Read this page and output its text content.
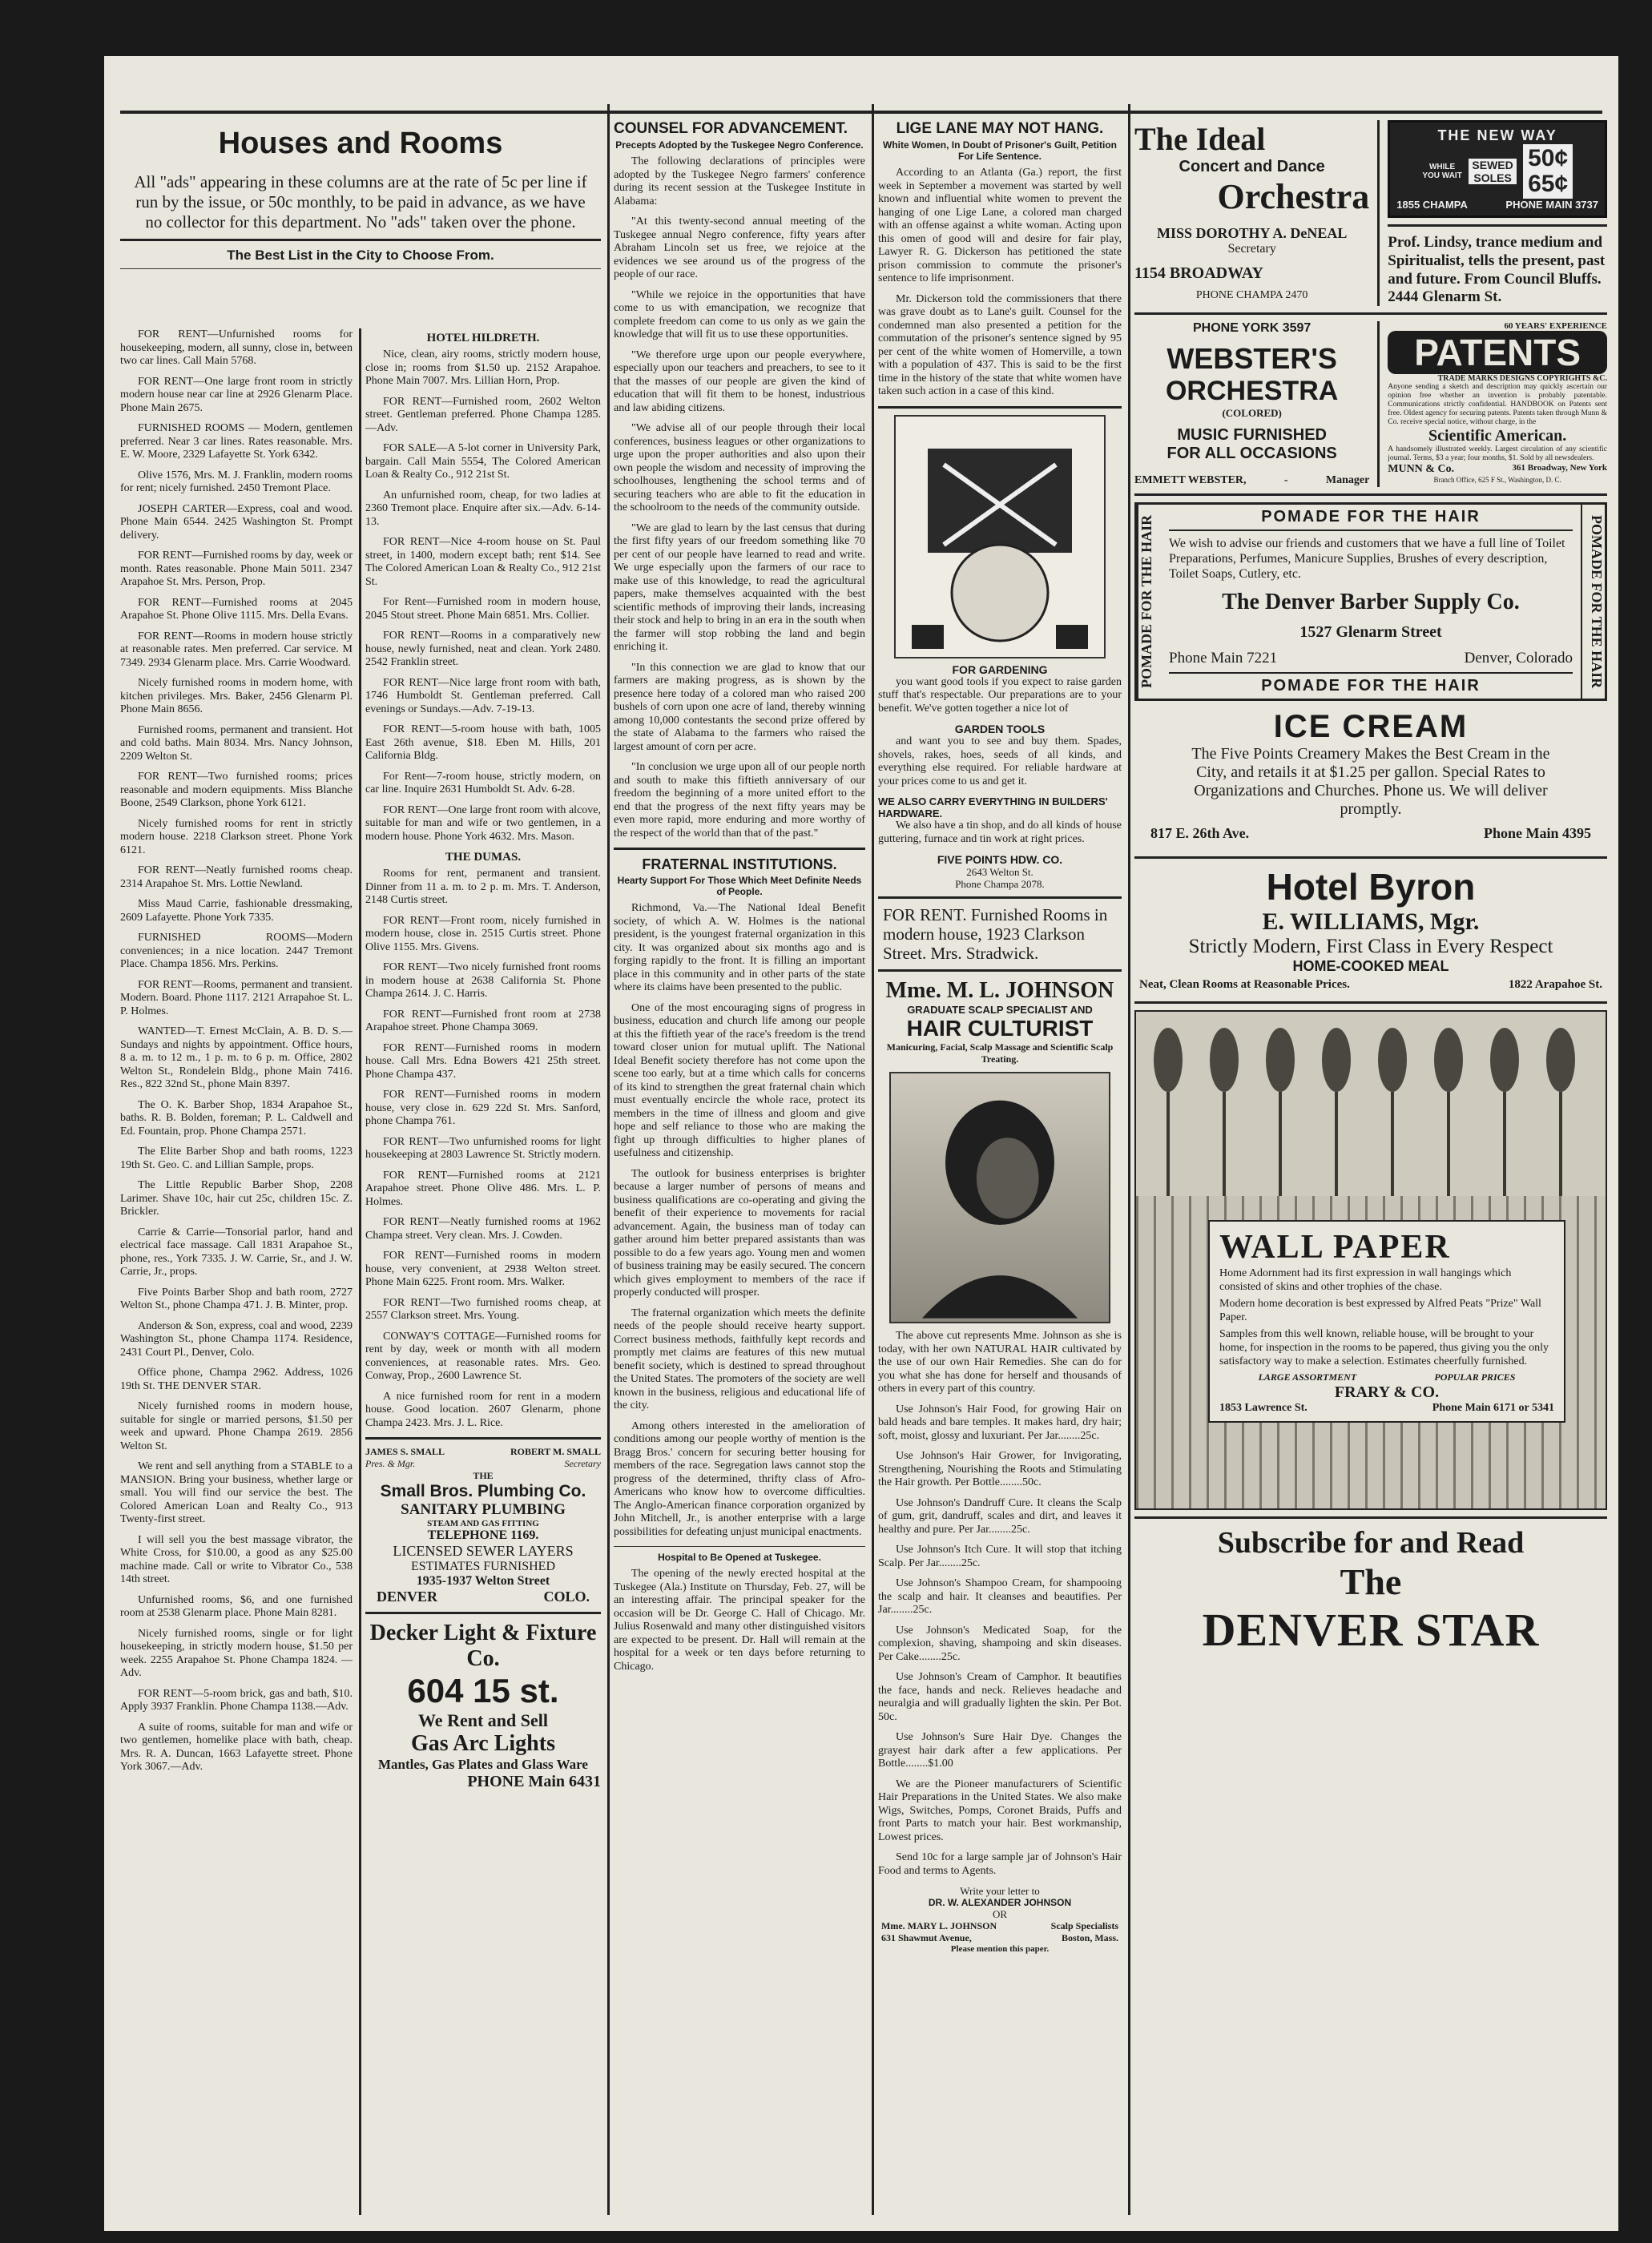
Houses and Rooms
All "ads" appearing in these columns are at the rate of 5c per line if run by the issue, or 50c monthly, to be paid in advance, as we have no collector for this department. No "ads" taken over the phone.
The Best List in the City to Choose From.
FOR RENT—Unfurnished rooms for housekeeping, modern, all sunny, close in, between two car lines. Call Main 5768.
FOR RENT—One large front room in strictly modern house near car line at 2926 Glenarm Place. Phone Main 2675.
FURNISHED ROOMS — Modern, gentlemen preferred. Near 3 car lines. Rates reasonable. Mrs. E. W. Moore, 2329 Lafayette St. York 6342.
Olive 1576, Mrs. M. J. Franklin, modern rooms for rent; nicely furnished. 2450 Tremont Place.
JOSEPH CARTER—Express, coal and wood. Phone Main 6544. 2425 Washington St. Prompt delivery.
FOR RENT—Furnished rooms by day, week or month. Rates reasonable. Phone Main 5011. 2347 Arapahoe St. Mrs. Person, Prop.
FOR RENT—Furnished rooms at 2045 Arapahoe St. Phone Olive 1115. Mrs. Della Evans.
FOR RENT—Rooms in modern house strictly at reasonable rates. Men preferred. Car service. M 7349. 2934 Glenarm place. Mrs. Carrie Woodward.
Nicely furnished rooms in modern home, with kitchen privileges. Mrs. Baker, 2456 Glenarm Pl. Phone Main 8656.
Furnished rooms, permanent and transient. Hot and cold baths. Main 8034. Mrs. Nancy Johnson, 2209 Welton St.
FOR RENT—Two furnished rooms; prices reasonable and modern equipments. Miss Blanche Boone, 2549 Clarkson, phone York 6121.
Nicely furnished rooms for rent in strictly modern house. 2218 Clarkson street. Phone York 6121.
FOR RENT—Neatly furnished rooms cheap. 2314 Arapahoe St. Mrs. Lottie Newland.
Miss Maud Carrie, fashionable dressmaking, 2609 Lafayette. Phone York 7335.
FURNISHED ROOMS—Modern conveniences; in a nice location. 2447 Tremont Place. Champa 1856. Mrs. Perkins.
FOR RENT—Rooms, permanent and transient. Modern. Board. Phone 1117. 2121 Arrapahoe St. L. P. Holmes.
WANTED—T. Ernest McClain, A. B. D. S.—Sundays and nights by appointment. Office hours, 8 a. m. to 12 m., 1 p. m. to 6 p. m. Office, 2802 Welton St., Rondelein Bldg., phone Main 7416. Res., 822 32nd St., phone Main 8397.
The O. K. Barber Shop, 1834 Arapahoe St., baths. R. B. Bolden, foreman; P. L. Caldwell and Ed. Fountain, prop. Phone Champa 2571.
The Elite Barber Shop and bath rooms, 1223 19th St. Geo. C. and Lillian Sample, props.
The Little Republic Barber Shop, 2208 Larimer. Shave 10c, hair cut 25c, children 15c. Z. Brickler.
Carrie & Carrie—Tonsorial parlor, hand and electrical face massage. Call 1831 Arapahoe St., phone, res., York 7335. J. W. Carrie, Sr., and J. W. Carrie, Jr., props.
Five Points Barber Shop and bath room, 2727 Welton St., phone Champa 471. J. B. Minter, prop.
Anderson & Son, express, coal and wood, 2239 Washington St., phone Champa 1174. Residence, 2431 Court Pl., Denver, Colo.
Office phone, Champa 2962. Address, 1026 19th St. THE DENVER STAR.
Nicely furnished rooms in modern house, suitable for single or married persons, $1.50 per week and upward. Phone Champa 2619. 2856 Welton St.
We rent and sell anything from a STABLE to a MANSION. Bring your business, whether large or small. You will find our service the best. The Colored American Loan and Realty Co., 913 Twenty-first street.
I will sell you the best massage vibrator, the White Cross, for $10.00, a good as any $25.00 machine made. Call or write to Vibrator Co., 538 14th street.
Unfurnished rooms, $6, and one furnished room at 2538 Glenarm place. Phone Main 8281.
Nicely furnished rooms, single or for light housekeeping, in strictly modern house, $1.50 per week. 2255 Arapahoe St. Phone Champa 1824. —Adv.
FOR RENT—5-room brick, gas and bath, $10. Apply 3937 Franklin. Phone Champa 1138.—Adv.
A suite of rooms, suitable for man and wife or two gentlemen, homelike place with bath, cheap. Mrs. R. A. Duncan, 1663 Lafayette street. Phone York 3067.—Adv.
HOTEL HILDRETH.
Nice, clean, airy rooms, strictly modern house, close in; rooms from $1.50 up. 2152 Arapahoe. Phone Main 7007. Mrs. Lillian Horn, Prop.
FOR RENT—Furnished room, 2602 Welton street. Gentleman preferred. Phone Champa 1285.—Adv.
FOR SALE—A 5-lot corner in University Park, bargain. Call Main 5554, The Colored American Loan & Realty Co., 912 21st St.
An unfurnished room, cheap, for two ladies at 2360 Tremont place. Enquire after six.—Adv. 6-14-13.
FOR RENT—Nice 4-room house on St. Paul street, in 1400, modern except bath; rent $14. See The Colored American Loan & Realty Co., 912 21st St.
For Rent—Furnished room in modern house, 2045 Stout street. Phone Main 6851. Mrs. Collier.
FOR RENT—Rooms in a comparatively new house, newly furnished, neat and clean. York 2480. 2542 Franklin street.
FOR RENT—Nice large front room with bath, 1746 Humboldt St. Gentleman preferred. Call evenings or Sundays.—Adv. 7-19-13.
FOR RENT—5-room house with bath, 1005 East 26th avenue, $18. Eben M. Hills, 201 California Bldg.
For Rent—7-room house, strictly modern, on car line. Inquire 2631 Humboldt St. Adv. 6-28.
FOR RENT—One large front room with alcove, suitable for man and wife or two gentlemen, in a modern house. Phone York 4632. Mrs. Mason.
THE DUMAS.
Rooms for rent, permanent and transient. Dinner from 11 a. m. to 2 p. m. Mrs. T. Anderson, 2148 Curtis street.
FOR RENT—Front room, nicely furnished in modern house, close in. 2515 Curtis street. Phone Olive 1155. Mrs. Givens.
FOR RENT—Two nicely furnished front rooms in modern house at 2638 California St. Phone Champa 2614. J. C. Harris.
FOR RENT—Furnished front room at 2738 Arapahoe street. Phone Champa 3069.
FOR RENT—Furnished rooms in modern house. Call Mrs. Edna Bowers 421 25th street. Phone Champa 437.
FOR RENT—Furnished rooms in modern house, very close in. 629 22d St. Mrs. Sanford, phone Champa 761.
FOR RENT—Two unfurnished rooms for light housekeeping at 2803 Lawrence St. Strictly modern.
FOR RENT—Furnished rooms at 2121 Arapahoe street. Phone Olive 486. Mrs. L. P. Holmes.
FOR RENT—Neatly furnished rooms at 1962 Champa street. Very clean. Mrs. J. Cowden.
FOR RENT—Furnished rooms in modern house, very convenient, at 2938 Welton street. Phone Main 6225. Front room. Mrs. Walker.
FOR RENT—Two furnished rooms cheap, at 2557 Clarkson street. Mrs. Young.
CONWAY'S COTTAGE—Furnished rooms for rent by day, week or month with all modern conveniences, at reasonable rates. Mrs. Geo. Conway, Prop., 2600 Lawrence St.
A nice furnished room for rent in a modern house. Good location. 2607 Glenarm, phone Champa 2423. Mrs. J. L. Rice.
JAMES S. SMALL	ROBERT M. SMALL
Pres. & Mgr.	Secretary
THE
Small Bros. Plumbing Co.
SANITARY PLUMBING
STEAM AND GAS FITTING
TELEPHONE 1169.
LICENSED SEWER LAYERS
ESTIMATES FURNISHED
1935-1937 Welton Street
DENVER	COLO.
Decker Light & Fixture Co.
604 15 st.
We Rent and Sell
Gas Arc Lights
Mantles, Gas Plates and Glass Ware
PHONE Main 6431
COUNSEL FOR ADVANCEMENT.
Precepts Adopted by the Tuskegee Negro Conference.
The following declarations of principles were adopted by the Tuskegee Negro farmers' conference during its recent session at the Tuskegee Institute in Alabama:
"At this twenty-second annual meeting of the Tuskegee annual Negro conference, fifty years after Abraham Lincoln set us free, we rejoice at the evidences we see around us of the progress of the people of our race.
"While we rejoice in the opportunities that have come to us with emancipation, we recognize that complete freedom can come to us only as we gain the knowledge that will fit us to use these opportunities.
"We therefore urge upon our people everywhere, especially upon our teachers and preachers, to see to it that the masses of our people are given the kind of education that will fit them to be honest, industrious and law abiding citizens.
"We advise all of our people through their local conferences, business leagues or other organizations to urge upon the proper authorities and also upon their own people the wisdom and necessity of improving the schoolhouses, lengthening the school terms and of securing teachers who are able to fit the education in the schoolroom to the needs of the community outside.
"We are glad to learn by the last census that during the first fifty years of our freedom something like 70 per cent of our people have learned to read and write. We urge especially upon the farmers of our race to make use of this knowledge, to read the agricultural papers, make themselves acquainted with the best scientific methods of improving their lands, increasing their stock and help to bring in an era in the south when the farmer will stop robbing the land and begin enriching it.
"In this connection we are glad to know that our farmers are making progress, as is shown by the presence here today of a colored man who raised 200 bushels of corn upon one acre of land, thereby winning among 10,000 contestants the second prize offered by the state of Alabama to the farmers who raised the largest amount of corn per acre.
"In conclusion we urge upon all of our people north and south to make this fiftieth anniversary of our freedom the beginning of a more united effort to the end that the progress of the next fifty years may be even more rapid, more enduring and more worthy of the respect of the world than that of the past."
FRATERNAL INSTITUTIONS.
Hearty Support For Those Which Meet Definite Needs of People.
Richmond, Va.—The National Ideal Benefit society, of which A. W. Holmes is the national president, is the youngest fraternal organization in this city. It was organized about six months ago and is forging rapidly to the front. It is filling an important place in this community and in other parts of the state where its claims have been presented to the public.
One of the most encouraging signs of progress in business, education and church life among our people at this the fiftieth year of the race's freedom is the trend toward closer union for mutual uplift. The National Ideal Benefit society therefore has not come upon the scene too early, but at a time which calls for concerns of its kind to strengthen the great fraternal chain which must eventually encircle the whole race, protect its members in the time of illness and gloom and give hope and self reliance to those who are making the fight up through difficulties to higher planes of usefulness and citizenship.
The outlook for business enterprises is brighter because a larger number of persons of means and business qualifications are co-operating and giving the benefit of their experience to movements for racial advancement. Again, the business man of today can gather around him better prepared assistants than was possible to do a few years ago. Young men and women of business training may be easily secured. The concern which gives employment to members of the race if properly conducted will prosper.
The fraternal organization which meets the definite needs of the people should receive hearty support. Correct business methods, faithfully kept records and promptly met claims are features of this new mutual benefit society, which is destined to spread throughout the United States. The promoters of the society are well known in the business, religious and educational life of the city.
Among others interested in the amelioration of conditions among our people worthy of mention is the Bragg Bros.' concern for securing better housing for members of the race. Segregation laws cannot stop the progress of the determined, thrifty class of Afro-Americans who know how to overcome difficulties. The Anglo-American finance corporation organized by John Mitchell, Jr., is another enterprise with a large possibilities for defeating unjust municipal enactments.
Hospital to Be Opened at Tuskegee.
The opening of the newly erected hospital at the Tuskegee (Ala.) Institute on Thursday, Feb. 27, will be an interesting affair. The principal speaker for the occasion will be Dr. George C. Hall of Chicago. Mr. Julius Rosenwald and many other distinguished visitors are expected to be present. Dr. Hall will remain at the hospital for a week or ten days before returning to Chicago.
LIGE LANE MAY NOT HANG.
White Women, In Doubt of Prisoner's Guilt, Petition For Life Sentence.
According to an Atlanta (Ga.) report, the first week in September a movement was started by well known and influential white women to prevent the hanging of one Lige Lane, a colored man charged with an offense against a white woman. Acting upon this omen of good will and desire for fair play, Lawyer R. G. Dickerson has petitioned the state prison commission to commute the prisoner's sentence to life imprisonment.
Mr. Dickerson told the commissioners that there was grave doubt as to Lane's guilt. Counsel for the condemned man also presented a petition for the commutation of the prisoner's sentence signed by 95 per cent of the white women of Homerville, a town with a population of 437. This is said to be the first time in the history of the state that white women have taken such action in a case of this kind.
FOR GARDENING
you want good tools if you expect to raise garden stuff that's respectable. Our preparations are to your benefit. We've gotten together a nice lot of
GARDEN TOOLS
and want you to see and buy them. Spades, shovels, rakes, hoes, seeds of all kinds, and everything else required. For reliable hardware at your prices come to us and get it.
WE ALSO CARRY EVERYTHING IN BUILDERS' HARDWARE.
We also have a tin shop, and do all kinds of house guttering, furnace and tin work at right prices.
FIVE POINTS HDW. CO.
2643 Welton St.
Phone Champa 2078.
FOR RENT. Furnished Rooms in modern house, 1923 Clarkson Street. Mrs. Stradwick.
Mme. M. L. JOHNSON
GRADUATE SCALP SPECIALIST AND
HAIR CULTURIST
Manicuring, Facial, Scalp Massage and Scientific Scalp Treating.
The above cut represents Mme. Johnson as she is today, with her own NATURAL HAIR cultivated by the use of our own Hair Remedies. She can do for you what she has done for herself and thousands of others in every part of this country.
Use Johnson's Hair Food, for growing Hair on bald heads and bare temples. It makes hard, dry hair; soft, moist, glossy and luxuriant. Per Jar........25c.
Use Johnson's Hair Grower, for Invigorating, Strengthening, Nourishing the Roots and Stimulating the Hair growth. Per Bottle........50c.
Use Johnson's Dandruff Cure. It cleans the Scalp of gum, grit, dandruff, scales and dirt, and leaves it healthy and pure. Per Jar........25c.
Use Johnson's Itch Cure. It will stop that itching Scalp. Per Jar........25c.
Use Johnson's Shampoo Cream, for shampooing the scalp and hair. It cleanses and beautifies. Per Jar........25c.
Use Johnson's Medicated Soap, for the complexion, shaving, shampoing and skin diseases. Per Cake........25c.
Use Johnson's Cream of Camphor. It beautifies the face, hands and neck. Relieves headache and neuralgia and will gradually lighten the skin. Per Bot. 50c.
Use Johnson's Sure Hair Dye. Changes the grayest hair dark after a few applications. Per Bottle........$1.00
We are the Pioneer manufacturers of Scientific Hair Preparations in the United States. We also make Wigs, Switches, Pomps, Coronet Braids, Puffs and front Parts to match your hair. Best workmanship, Lowest prices.
Send 10c for a large sample jar of Johnson's Hair Food and terms to Agents.
Write your letter to
DR. W. ALEXANDER JOHNSON
OR
Mme. MARY L. JOHNSON	Scalp Specialists
631 Shawmut Avenue,	Boston, Mass.
Please mention this paper.
The Ideal
Concert and Dance
Orchestra
MISS DOROTHY A. DeNEAL
Secretary
1154 BROADWAY
PHONE CHAMPA 2470
THE NEW WAY
WHILE YOU WAIT
SEWED SOLES
50¢
65¢
1855 CHAMPA	PHONE MAIN 3737
Prof. Lindsy, trance medium and Spiritualist, tells the present, past and future. From Council Bluffs.
2444 Glenarm St.
PHONE YORK 3597
WEBSTER'S
ORCHESTRA
(COLORED)
MUSIC FURNISHED
FOR ALL OCCASIONS
EMMETT WEBSTER,	-	Manager
60 YEARS' EXPERIENCE
PATENTS
TRADE MARKS DESIGNS COPYRIGHTS &C.
Anyone sending a sketch and description may quickly ascertain our opinion free whether an invention is probably patentable. Communications strictly confidential. HANDBOOK on Patents sent free. Oldest agency for securing patents. Patents taken through Munn & Co. receive special notice, without charge, in the
Scientific American.
A handsomely illustrated weekly. Largest circulation of any scientific journal. Terms, $3 a year; four months, $1. Sold by all newsdealers.
MUNN & Co.	361 Broadway, New York
Branch Office, 625 F St., Washington, D. C.
POMADE FOR THE HAIR	POMADE FOR THE HAIR
We wish to advise our friends and customers that we have a full line of Toilet Preparations, Perfumes, Manicure Supplies, Brushes of every description, Toilet Soaps, Cutlery, etc.
The Denver Barber Supply Co.
1527 Glenarm Street
Phone Main 7221	Denver, Colorado
POMADE FOR THE HAIR	POMADE FOR THE HAIR
ICE CREAM
The Five Points Creamery Makes the Best Cream in the City, and retails it at $1.25 per gallon. Special Rates to Organizations and Churches. Phone us. We will deliver promptly.
817 E. 26th Ave.	Phone Main 4395
Hotel Byron
E. WILLIAMS, Mgr.
Strictly Modern, First Class in Every Respect
HOME-COOKED MEAL
Neat, Clean Rooms at Reasonable Prices.	1822 Arapahoe St.
WALL PAPER
Home Adornment had its first expression in wall hangings which consisted of skins and other trophies of the chase.
Modern home decoration is best expressed by Alfred Peats "Prize" Wall Paper.
Samples from this well known, reliable house, will be brought to your home, for inspection in the rooms to be papered, thus giving you the only satisfactory way to make a selection. Estimates cheerfully furnished.
LARGE ASSORTMENT	POPULAR PRICES
FRARY & CO.
1853 Lawrence St.	Phone Main 6171 or 5341
Subscribe for and Read
The
DENVER STAR
